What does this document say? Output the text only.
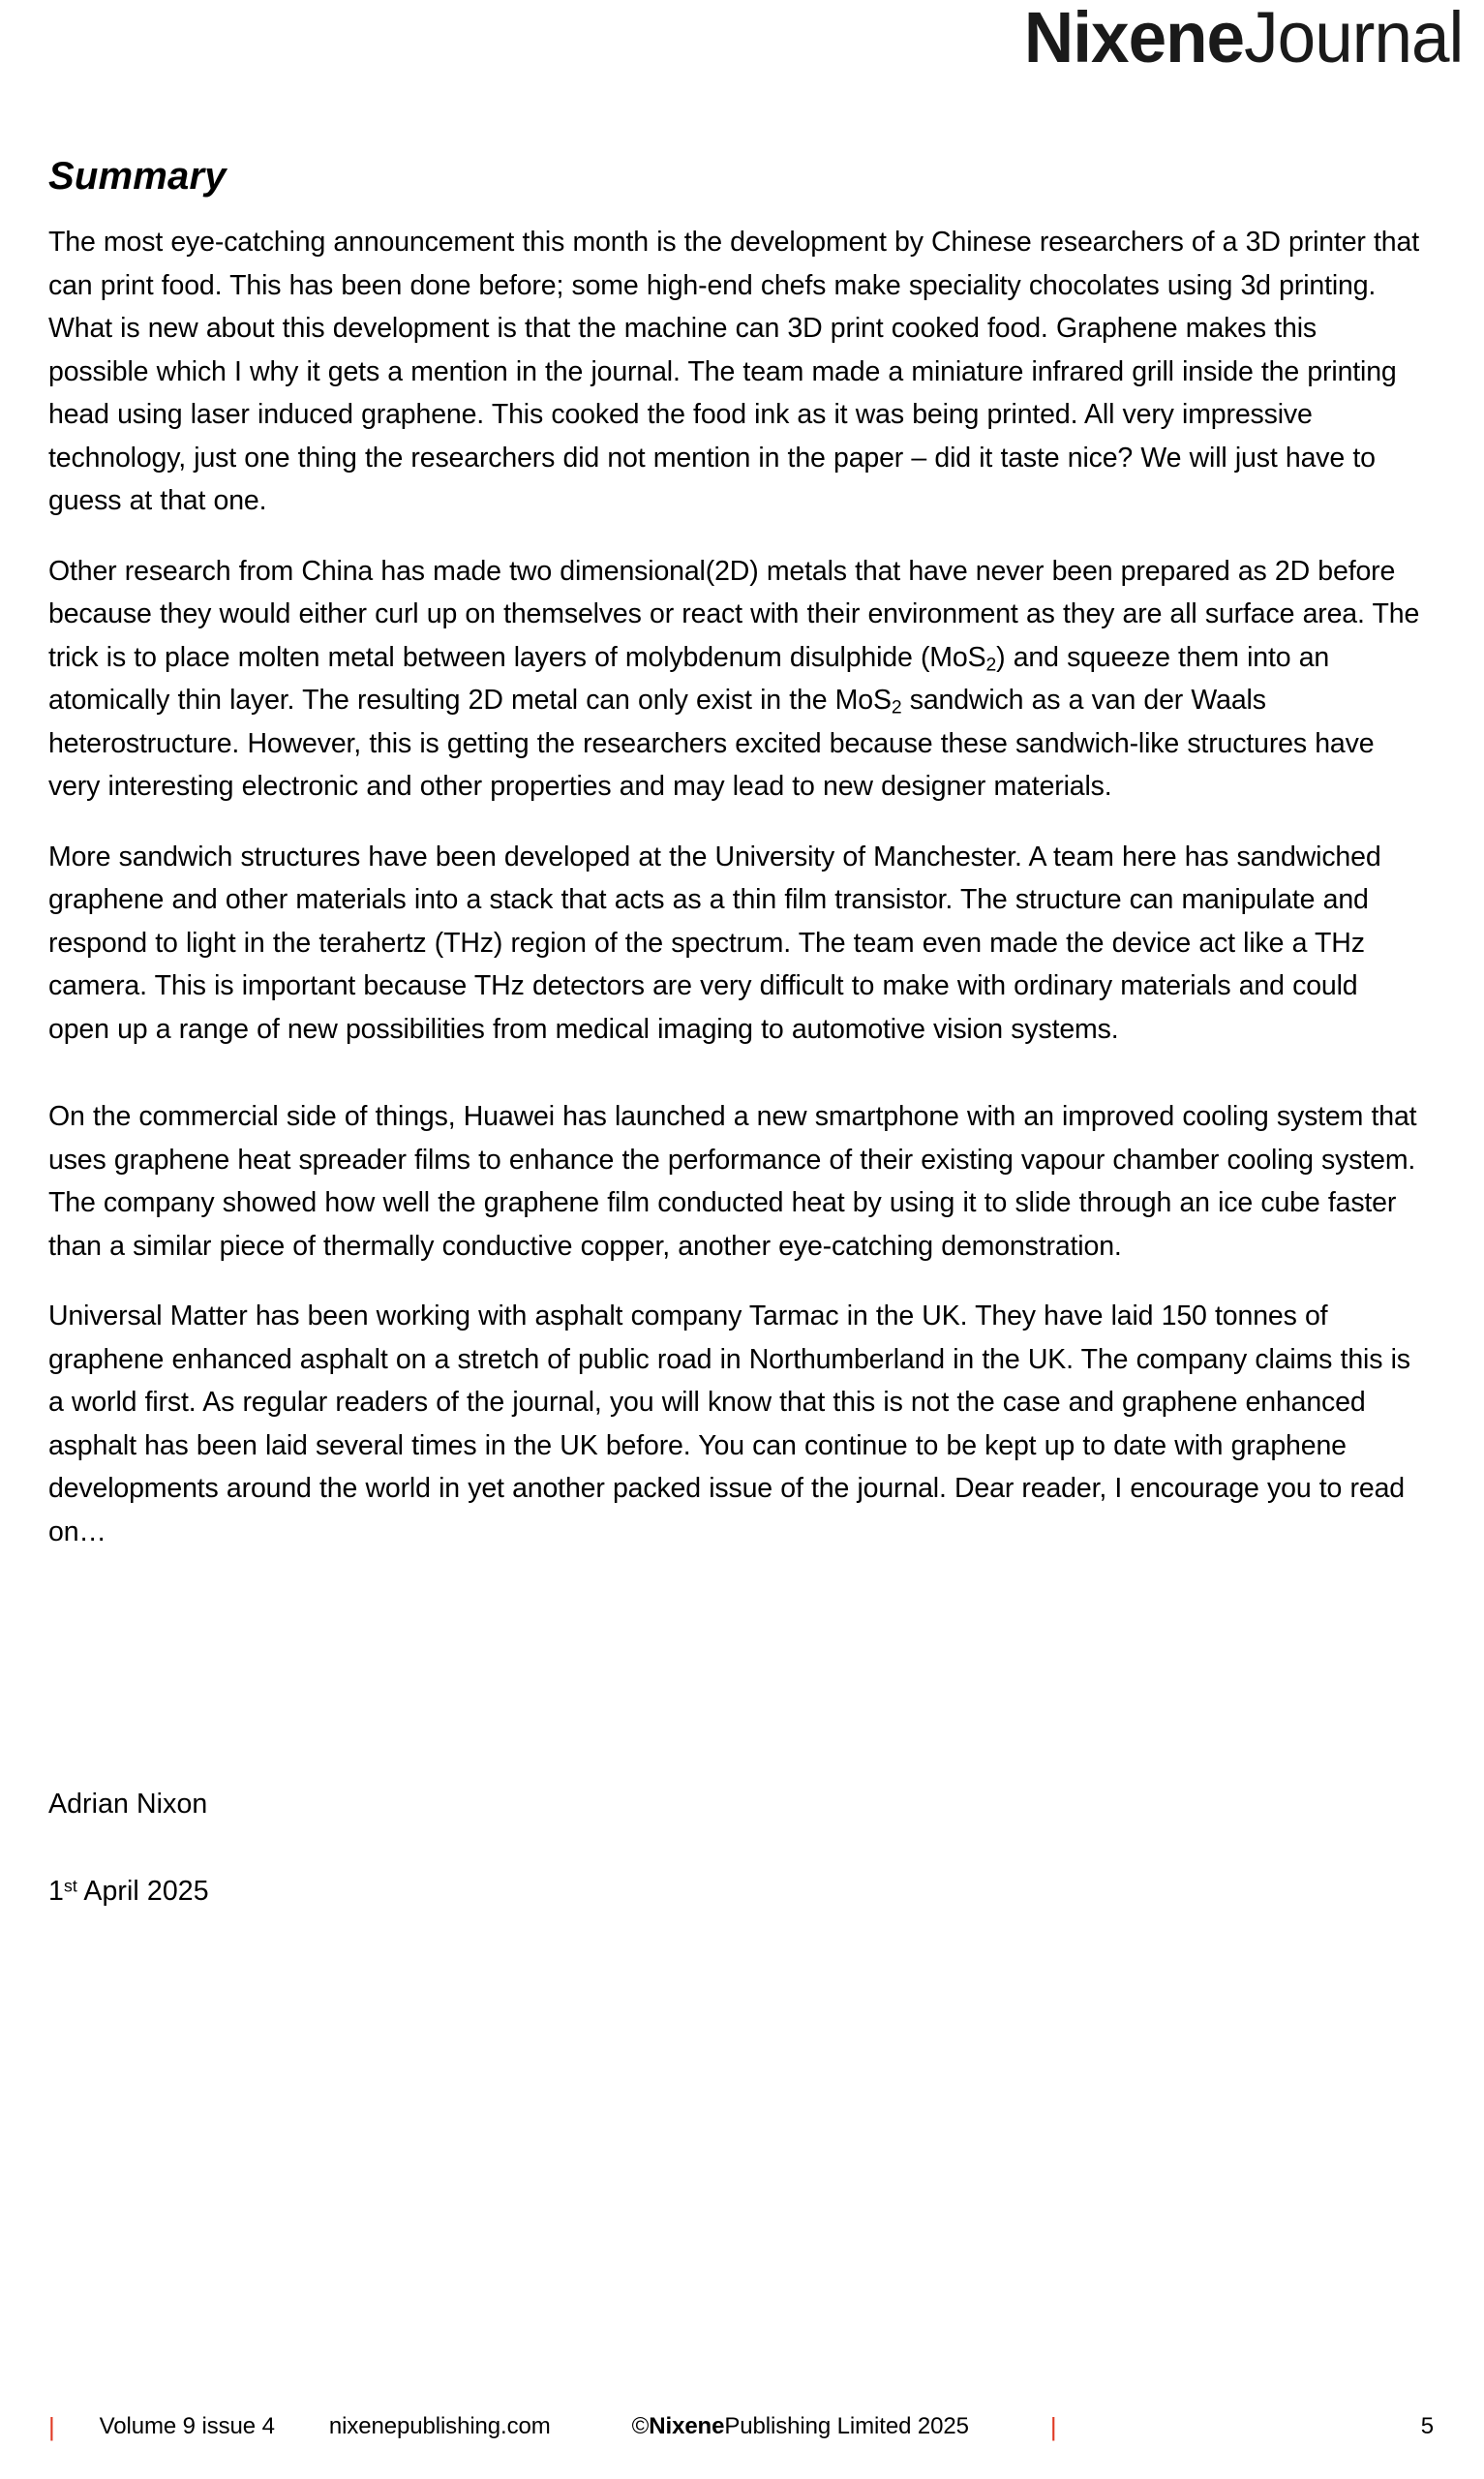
NixeneJournal
Summary

The most eye-catching announcement this month is the development by Chinese researchers of a 3D printer that can print food. This has been done before; some high-end chefs make speciality chocolates using 3d printing. What is new about this development is that the machine can 3D print cooked food. Graphene makes this possible which I why it gets a mention in the journal. The team made a miniature infrared grill inside the printing head using laser induced graphene. This cooked the food ink as it was being printed. All very impressive technology, just one thing the researchers did not mention in the paper – did it taste nice? We will just have to guess at that one.

Other research from China has made two dimensional(2D) metals that have never been prepared as 2D before because they would either curl up on themselves or react with their environment as they are all surface area. The trick is to place molten metal between layers of molybdenum disulphide (MoS$_2$) and squeeze them into an atomically thin layer. The resulting 2D metal can only exist in the MoS$_2$ sandwich as a van der Waals heterostructure. However, this is getting the researchers excited because these sandwich-like structures have very interesting electronic and other properties and may lead to new designer materials.

More sandwich structures have been developed at the University of Manchester. A team here has sandwiched graphene and other materials into a stack that acts as a thin film transistor. The structure can manipulate and respond to light in the terahertz (THz) region of the spectrum. The team even made the device act like a THz camera. This is important because THz detectors are very difficult to make with ordinary materials and could open up a range of new possibilities from medical imaging to automotive vision systems.

On the commercial side of things, Huawei has launched a new smartphone with an improved cooling system that uses graphene heat spreader films to enhance the performance of their existing vapour chamber cooling system. The company showed how well the graphene film conducted heat by using it to slide through an ice cube faster than a similar piece of thermally conductive copper, another eye-catching demonstration.

Universal Matter has been working with asphalt company Tarmac in the UK. They have laid 150 tonnes of graphene enhanced asphalt on a stretch of public road in Northumberland in the UK. The company claims this is a world first. As regular readers of the journal, you will know that this is not the case and graphene enhanced asphalt has been laid several times in the UK before. You can continue to be kept up to date with graphene developments around the world in yet another packed issue of the journal. Dear reader, I encourage you to read on…

Adrian Nixon
1st April 2025
| Volume 9 issue 4 nixenepublishing.com	©NixenePublishing Limited 2025	|	5
